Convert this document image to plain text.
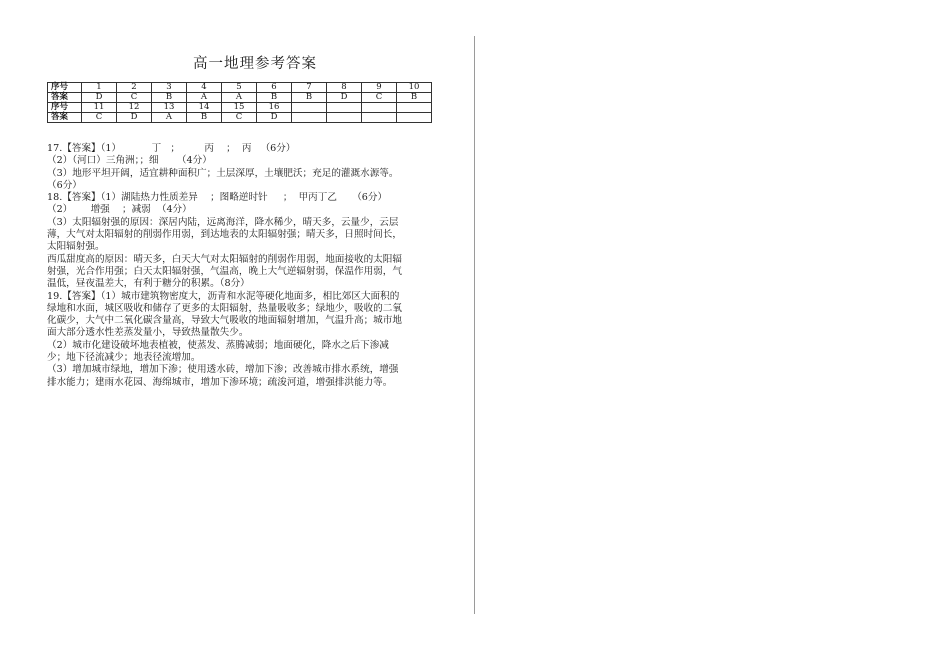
高一地理参考答案
序号	1	2	3	4	5	6	7	8	9	10
答案	D	C	B	A	A	B	B	D	C	B
序号	11	12	13	14	15	16				
答案	C	D	A	B	C	D				

17.【答案】（1）          丁   ；        丙    ；  丙   （6分）

（2）（河口）三角洲；；细      （4分）

（3）地形平坦开阔，适宜耕种面积广；土层深厚，土壤肥沃；充足的灌溉水源等。

（6分）

18.【答案】（1）湖陆热力性质差异    ；图略逆时针     ；  甲丙丁乙     （6分）

（2）      增强    ；减弱  （4分）

（3）太阳辐射强的原因：深居内陆，远离海洋，降水稀少，晴天多，云量少，云层

薄，大气对太阳辐射的削弱作用弱，到达地表的太阳辐射强；晴天多，日照时间长，

太阳辐射强。

西瓜甜度高的原因：晴天多，白天大气对太阳辐射的削弱作用弱，地面接收的太阳辐

射强，光合作用强；白天太阳辐射强，气温高，晚上大气逆辐射弱，保温作用弱，气

温低，昼夜温差大，有利于糖分的积累。（8分）

19.【答案】（1）城市建筑物密度大，沥青和水泥等硬化地面多，相比郊区大面积的

绿地和水面，城区吸收和储存了更多的太阳辐射，热量吸收多；绿地少，吸收的二氧

化碳少，大气中二氧化碳含量高，导致大气吸收的地面辐射增加，气温升高；城市地

面大部分透水性差蒸发量小，导致热量散失少。

（2）城市化建设破坏地表植被，使蒸发、蒸腾减弱；地面硬化，降水之后下渗减

少；地下径流减少；地表径流增加。

（3）增加城市绿地，增加下渗；使用透水砖，增加下渗；改善城市排水系统，增强

排水能力；建雨水花园、海绵城市，增加下渗环境；疏浚河道，增强排洪能力等。
